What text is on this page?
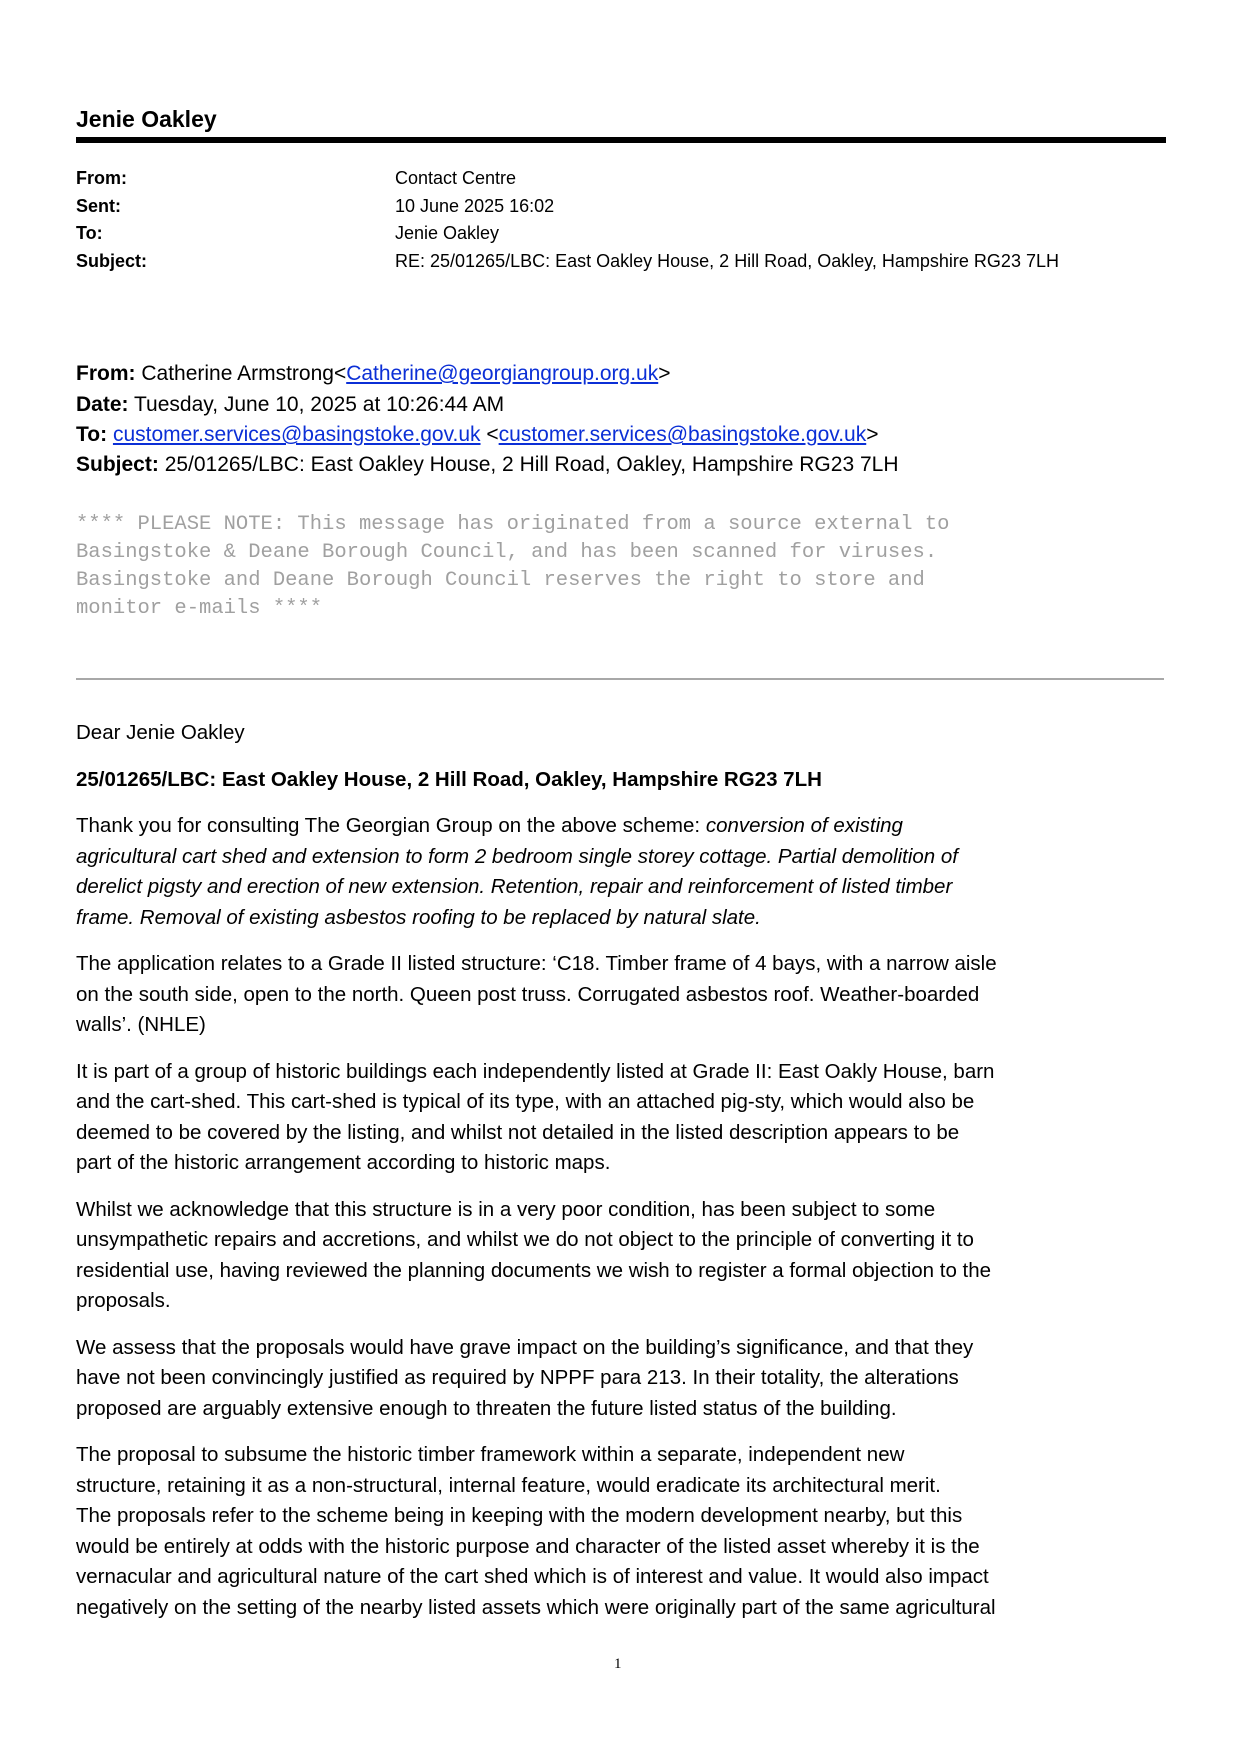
Jenie Oakley
From:	Contact Centre
Sent:	10 June 2025 16:02
To:	Jenie Oakley
Subject:	RE: 25/01265/LBC: East Oakley House, 2 Hill Road, Oakley, Hampshire RG23 7LH
From: Catherine Armstrong<Catherine@georgiangroup.org.uk>
Date: Tuesday, June 10, 2025 at 10:26:44 AM
To: customer.services@basingstoke.gov.uk <customer.services@basingstoke.gov.uk>
Subject: 25/01265/LBC: East Oakley House, 2 Hill Road, Oakley, Hampshire RG23 7LH
**** PLEASE NOTE: This message has originated from a source external to
Basingstoke & Deane Borough Council, and has been scanned for viruses.
Basingstoke and Deane Borough Council reserves the right to store and
monitor e-mails ****

Dear Jenie Oakley

25/01265/LBC: East Oakley House, 2 Hill Road, Oakley, Hampshire RG23 7LH

Thank you for consulting The Georgian Group on the above scheme: conversion of existing
agricultural cart shed and extension to form 2 bedroom single storey cottage. Partial demolition of
derelict pigsty and erection of new extension. Retention, repair and reinforcement of listed timber
frame. Removal of existing asbestos roofing to be replaced by natural slate.

The application relates to a Grade II listed structure: ‘C18. Timber frame of 4 bays, with a narrow aisle
on the south side, open to the north. Queen post truss. Corrugated asbestos roof. Weather-boarded
walls’. (NHLE)

It is part of a group of historic buildings each independently listed at Grade II: East Oakly House, barn
and the cart-shed. This cart-shed is typical of its type, with an attached pig-sty, which would also be
deemed to be covered by the listing, and whilst not detailed in the listed description appears to be
part of the historic arrangement according to historic maps.

Whilst we acknowledge that this structure is in a very poor condition, has been subject to some
unsympathetic repairs and accretions, and whilst we do not object to the principle of converting it to
residential use, having reviewed the planning documents we wish to register a formal objection to the
proposals.

We assess that the proposals would have grave impact on the building’s significance, and that they
have not been convincingly justified as required by NPPF para 213. In their totality, the alterations
proposed are arguably extensive enough to threaten the future listed status of the building.

The proposal to subsume the historic timber framework within a separate, independent new
structure, retaining it as a non-structural, internal feature, would eradicate its architectural merit.
The proposals refer to the scheme being in keeping with the modern development nearby, but this
would be entirely at odds with the historic purpose and character of the listed asset whereby it is the
vernacular and agricultural nature of the cart shed which is of interest and value. It would also impact
negatively on the setting of the nearby listed assets which were originally part of the same agricultural

1
